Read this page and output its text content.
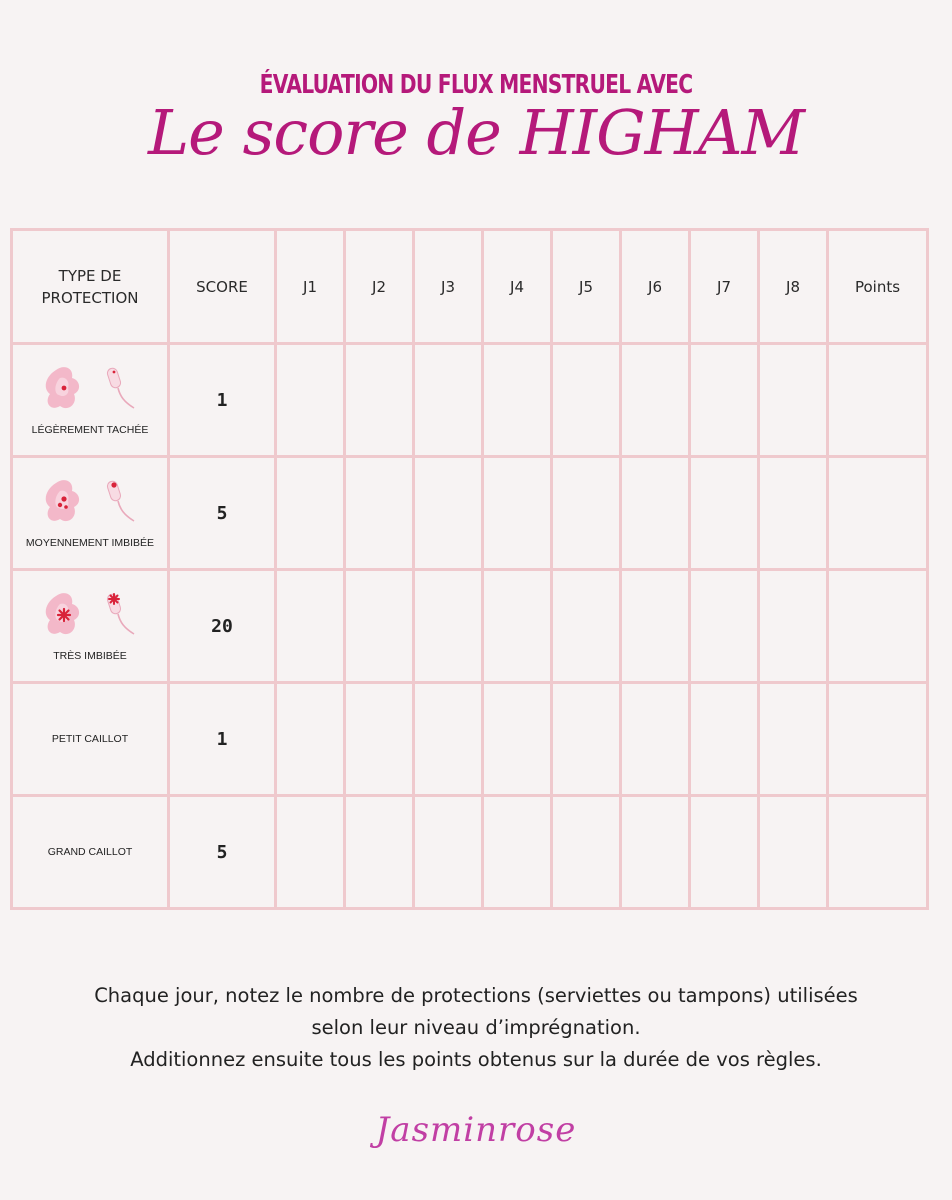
ÉVALUATION DU FLUX MENSTRUEL AVEC
Le score de HIGHAM
TYPE DE
PROTECTION	SCORE	J1	J2	J3	J4	J5	J6	J7	J8	Points

LÉGÈREMENT TACHÉE	1									

MOYENNEMENT IMBIBÉE	5									

TRÈS IMBIBÉE	20									

PETIT CAILLOT	1									

GRAND CAILLOT	5									
Chaque jour, notez le nombre de protections (serviettes ou tampons) utilisées
selon leur niveau d’imprégnation.
Additionnez ensuite tous les points obtenus sur la durée de vos règles.
Jasminrose
